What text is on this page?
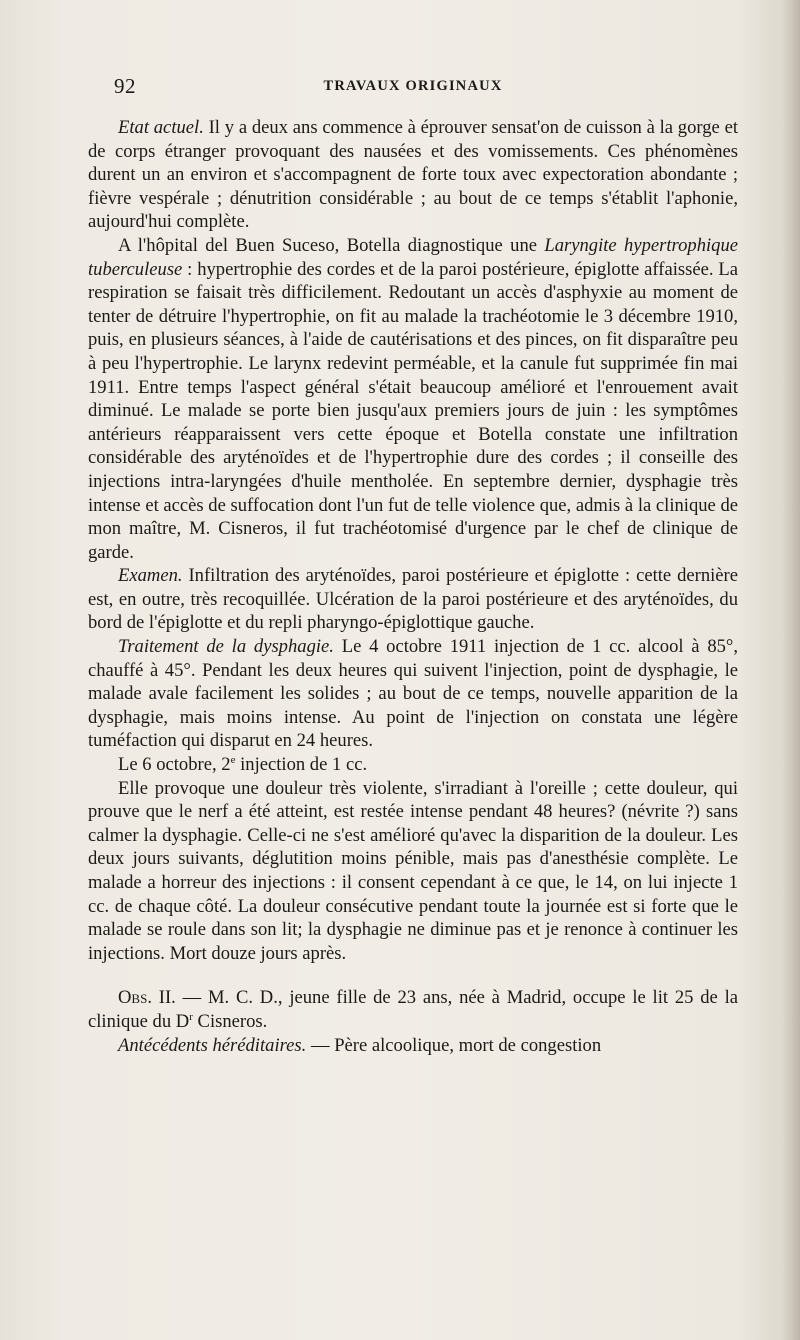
92	TRAVAUX ORIGINAUX

Etat actuel. Il y a deux ans commence à éprouver sensat'on de cuisson à la gorge et de corps étranger provoquant des nausées et des vomissements. Ces phénomènes durent un an environ et s'accompagnent de forte toux avec expectoration abondante ; fièvre vespérale ; dénutrition considérable ; au bout de ce temps s'établit l'aphonie, aujourd'hui complète.

A l'hôpital del Buen Suceso, Botella diagnostique une Laryngite hypertrophique tuberculeuse : hypertrophie des cordes et de la paroi postérieure, épiglotte affaissée. La respiration se faisait très difficilement. Redoutant un accès d'asphyxie au moment de tenter de détruire l'hypertrophie, on fit au malade la trachéotomie le 3 décembre 1910, puis, en plusieurs séances, à l'aide de cautérisations et des pinces, on fit disparaître peu à peu l'hypertrophie. Le larynx redevint perméable, et la canule fut supprimée fin mai 1911. Entre temps l'aspect général s'était beaucoup amélioré et l'enrouement avait diminué. Le malade se porte bien jusqu'aux premiers jours de juin : les symptômes antérieurs réapparaissent vers cette époque et Botella constate une infiltration considérable des aryténoïdes et de l'hypertrophie dure des cordes ; il conseille des injections intra-laryngées d'huile mentholée. En septembre dernier, dysphagie très intense et accès de suffocation dont l'un fut de telle violence que, admis à la clinique de mon maître, M. Cisneros, il fut trachéotomisé d'urgence par le chef de clinique de garde.

Examen. Infiltration des aryténoïdes, paroi postérieure et épiglotte : cette dernière est, en outre, très recoquillée. Ulcération de la paroi postérieure et des aryténoïdes, du bord de l'épiglotte et du repli pharyngo-épiglottique gauche.

Traitement de la dysphagie. Le 4 octobre 1911 injection de 1 cc. alcool à 85°, chauffé à 45°. Pendant les deux heures qui suivent l'injection, point de dysphagie, le malade avale facilement les solides ; au bout de ce temps, nouvelle apparition de la dysphagie, mais moins intense. Au point de l'injection on constata une légère tuméfaction qui disparut en 24 heures.

Le 6 octobre, 2e injection de 1 cc.

Elle provoque une douleur très violente, s'irradiant à l'oreille ; cette douleur, qui prouve que le nerf a été atteint, est restée intense pendant 48 heures? (névrite ?) sans calmer la dysphagie. Celle-ci ne s'est amélioré qu'avec la disparition de la douleur. Les deux jours suivants, déglutition moins pénible, mais pas d'anesthésie complète. Le malade a horreur des injections : il consent cependant à ce que, le 14, on lui injecte 1 cc. de chaque côté. La douleur consécutive pendant toute la journée est si forte que le malade se roule dans son lit; la dysphagie ne diminue pas et je renonce à continuer les injections. Mort douze jours après.

Obs. II. — M. C. D., jeune fille de 23 ans, née à Madrid, occupe le lit 25 de la clinique du $D^r$ Cisneros.

Antécédents héréditaires. — Père alcoolique, mort de congestion
